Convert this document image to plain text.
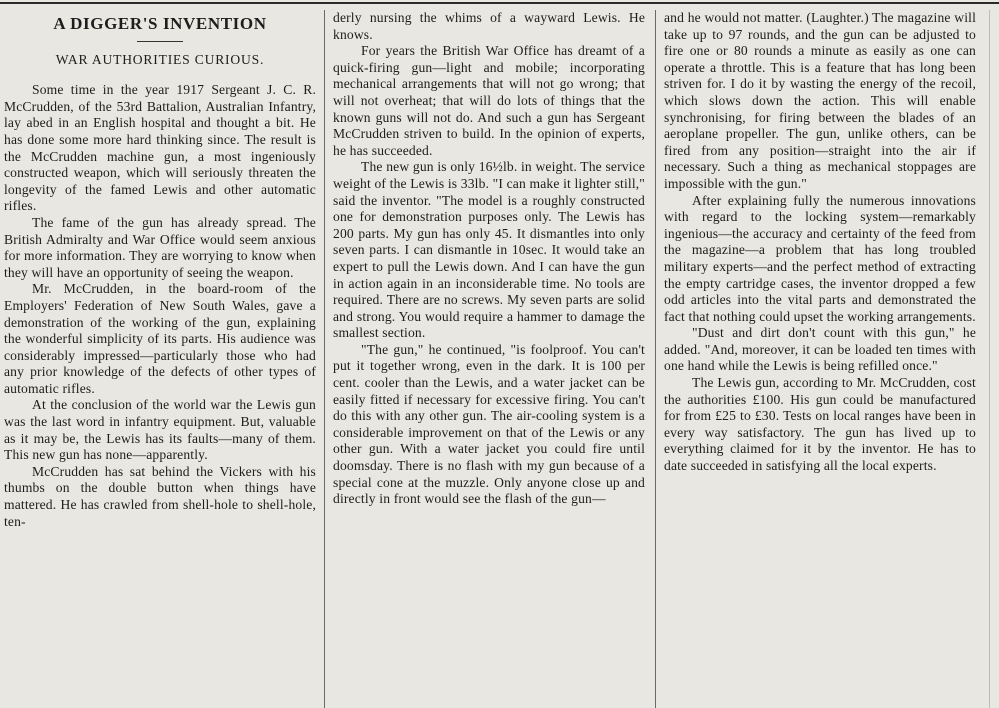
A DIGGER'S INVENTION
WAR AUTHORITIES CURIOUS.

Some time in the year 1917 Sergeant J. C. R. McCrudden, of the 53rd Battalion, Australian Infantry, lay abed in an English hospital and thought a bit. He has done some more hard thinking since. The result is the McCrudden machine gun, a most ingeniously constructed weapon, which will seriously threaten the longevity of the famed Lewis and other automatic rifles.

The fame of the gun has already spread. The British Admiralty and War Office would seem anxious for more information. They are worrying to know when they will have an opportunity of seeing the weapon.

Mr. McCrudden, in the board-room of the Employers' Federation of New South Wales, gave a demonstration of the working of the gun, explaining the wonderful simplicity of its parts. His audience was considerably impressed—particularly those who had any prior knowledge of the defects of other types of automatic rifles.

At the conclusion of the world war the Lewis gun was the last word in infantry equipment. But, valuable as it may be, the Lewis has its faults—many of them. This new gun has none—apparently.

McCrudden has sat behind the Vickers with his thumbs on the double button when things have mattered. He has crawled from shell-hole to shell-hole, ten-

derly nursing the whims of a wayward Lewis. He knows.

For years the British War Office has dreamt of a quick-firing gun—light and mobile; incorporating mechanical arrangements that will not go wrong; that will not overheat; that will do lots of things that the known guns will not do. And such a gun has Sergeant McCrudden striven to build. In the opinion of experts, he has succeeded.

The new gun is only 16½lb. in weight. The service weight of the Lewis is 33lb. "I can make it lighter still," said the inventor. "The model is a roughly constructed one for demonstration purposes only. The Lewis has 200 parts. My gun has only 45. It dismantles into only seven parts. I can dismantle in 10sec. It would take an expert to pull the Lewis down. And I can have the gun in action again in an inconsiderable time. No tools are required. There are no screws. My seven parts are solid and strong. You would require a hammer to damage the smallest section.

"The gun," he continued, "is foolproof. You can't put it together wrong, even in the dark. It is 100 per cent. cooler than the Lewis, and a water jacket can be easily fitted if necessary for excessive firing. You can't do this with any other gun. The air-cooling system is a considerable improvement on that of the Lewis or any other gun. With a water jacket you could fire until doomsday. There is no flash with my gun because of a special cone at the muzzle. Only anyone close up and directly in front would see the flash of the gun—

and he would not matter. (Laughter.) The magazine will take up to 97 rounds, and the gun can be adjusted to fire one or 80 rounds a minute as easily as one can operate a throttle. This is a feature that has long been striven for. I do it by wasting the energy of the recoil, which slows down the action. This will enable synchronising, for firing between the blades of an aeroplane propeller. The gun, unlike others, can be fired from any position—straight into the air if necessary. Such a thing as mechanical stoppages are impossible with the gun."

After explaining fully the numerous innovations with regard to the locking system—remarkably ingenious—the accuracy and certainty of the feed from the magazine—a problem that has long troubled military experts—and the perfect method of extracting the empty cartridge cases, the inventor dropped a few odd articles into the vital parts and demonstrated the fact that nothing could upset the working arrangements.

"Dust and dirt don't count with this gun," he added. "And, moreover, it can be loaded ten times with one hand while the Lewis is being refilled once."

The Lewis gun, according to Mr. McCrudden, cost the authorities £100. His gun could be manufactured for from £25 to £30. Tests on local ranges have been in every way satisfactory. The gun has lived up to everything claimed for it by the inventor. He has to date succeeded in satisfying all the local experts.
